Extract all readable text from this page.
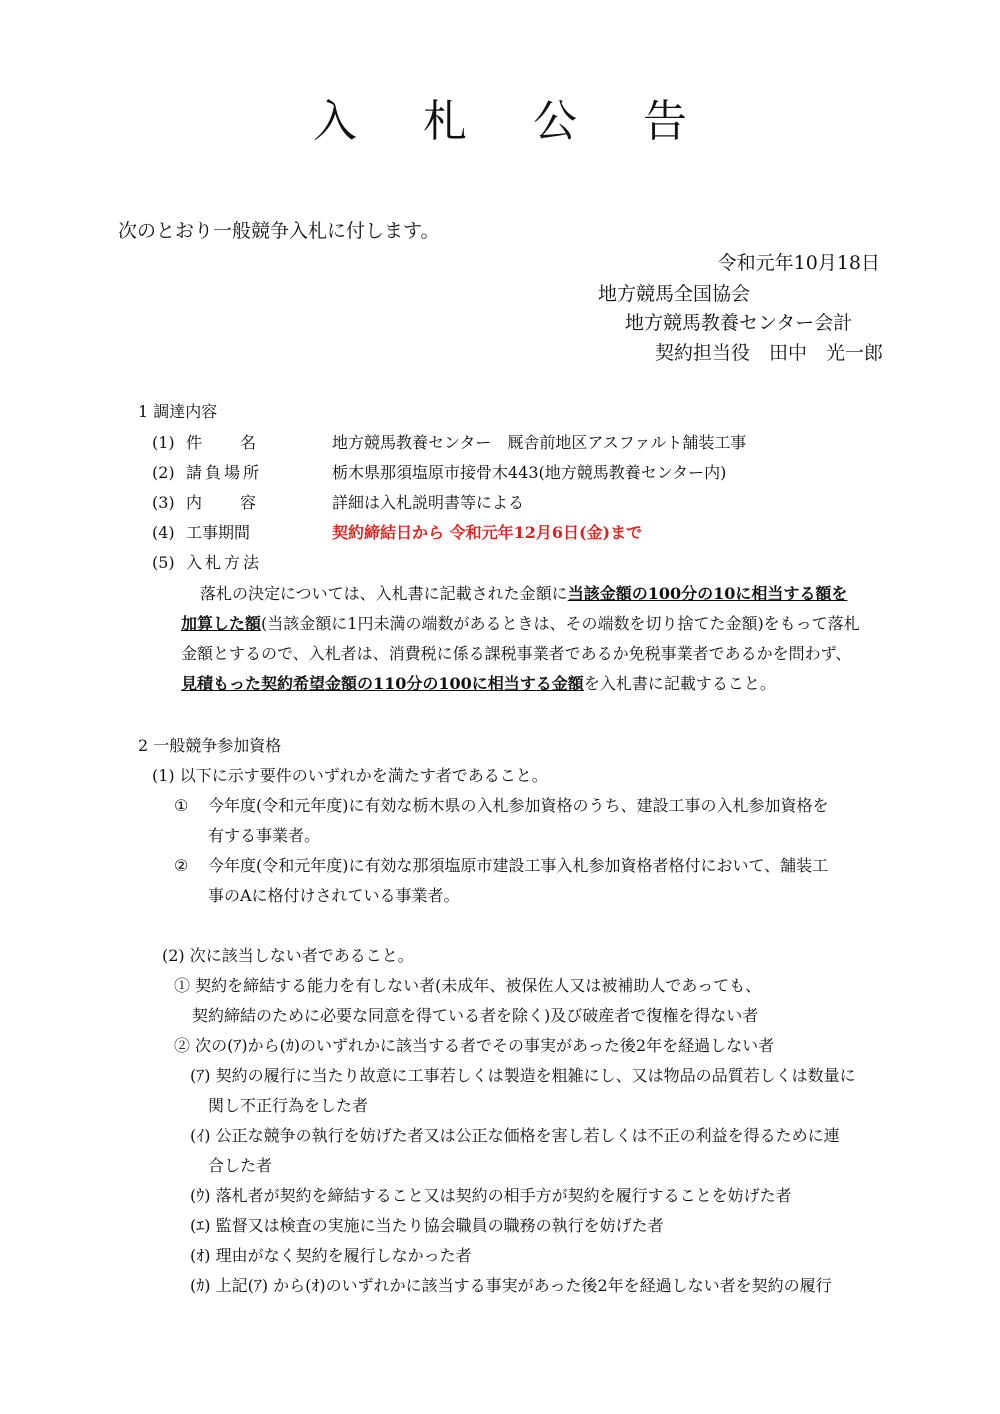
入 札 公 告
次のとおり一般競争入札に付します。
令和元年10月18日
地方競馬全国協会
地方競馬教養センター会計
契約担当役　田中　光一郎
1 調達内容
(1) 件　　名	地方競馬教養センター　厩舎前地区アスファルト舗装工事
(2) 請負場所	栃木県那須塩原市接骨木443(地方競馬教養センター内)
(3) 内　　容	詳細は入札説明書等による
(4) 工事期間	契約締結日から 令和元年12月6日(金)まで
(5) 入札方法
落札の決定については、入札書に記載された金額に当該金額の100分の10に相当する額を
加算した額(当該金額に1円未満の端数があるときは、その端数を切り捨てた金額)をもって落札
金額とするので、入札者は、消費税に係る課税事業者であるか免税事業者であるかを問わず、
見積もった契約希望金額の110分の100に相当する金額を入札書に記載すること。
2 一般競争参加資格
(1) 以下に示す要件のいずれかを満たす者であること。
① 今年度(令和元年度)に有効な栃木県の入札参加資格のうち、建設工事の入札参加資格を
有する事業者。
② 今年度(令和元年度)に有効な那須塩原市建設工事入札参加資格者格付において、舗装工
事のAに格付けされている事業者。
(2) 次に該当しない者であること。
① 契約を締結する能力を有しない者(未成年、被保佐人又は被補助人であっても、
契約締結のために必要な同意を得ている者を除く)及び破産者で復権を得ない者
② 次の(ｱ)から(ｶ)のいずれかに該当する者でその事実があった後2年を経過しない者
(ｱ) 契約の履行に当たり故意に工事若しくは製造を粗雑にし、又は物品の品質若しくは数量に
関し不正行為をした者
(ｲ) 公正な競争の執行を妨げた者又は公正な価格を害し若しくは不正の利益を得るために連
合した者
(ｳ) 落札者が契約を締結すること又は契約の相手方が契約を履行することを妨げた者
(ｴ) 監督又は検査の実施に当たり協会職員の職務の執行を妨げた者
(ｵ) 理由がなく契約を履行しなかった者
(ｶ) 上記(ｱ) から(ｵ)のいずれかに該当する事実があった後2年を経過しない者を契約の履行
